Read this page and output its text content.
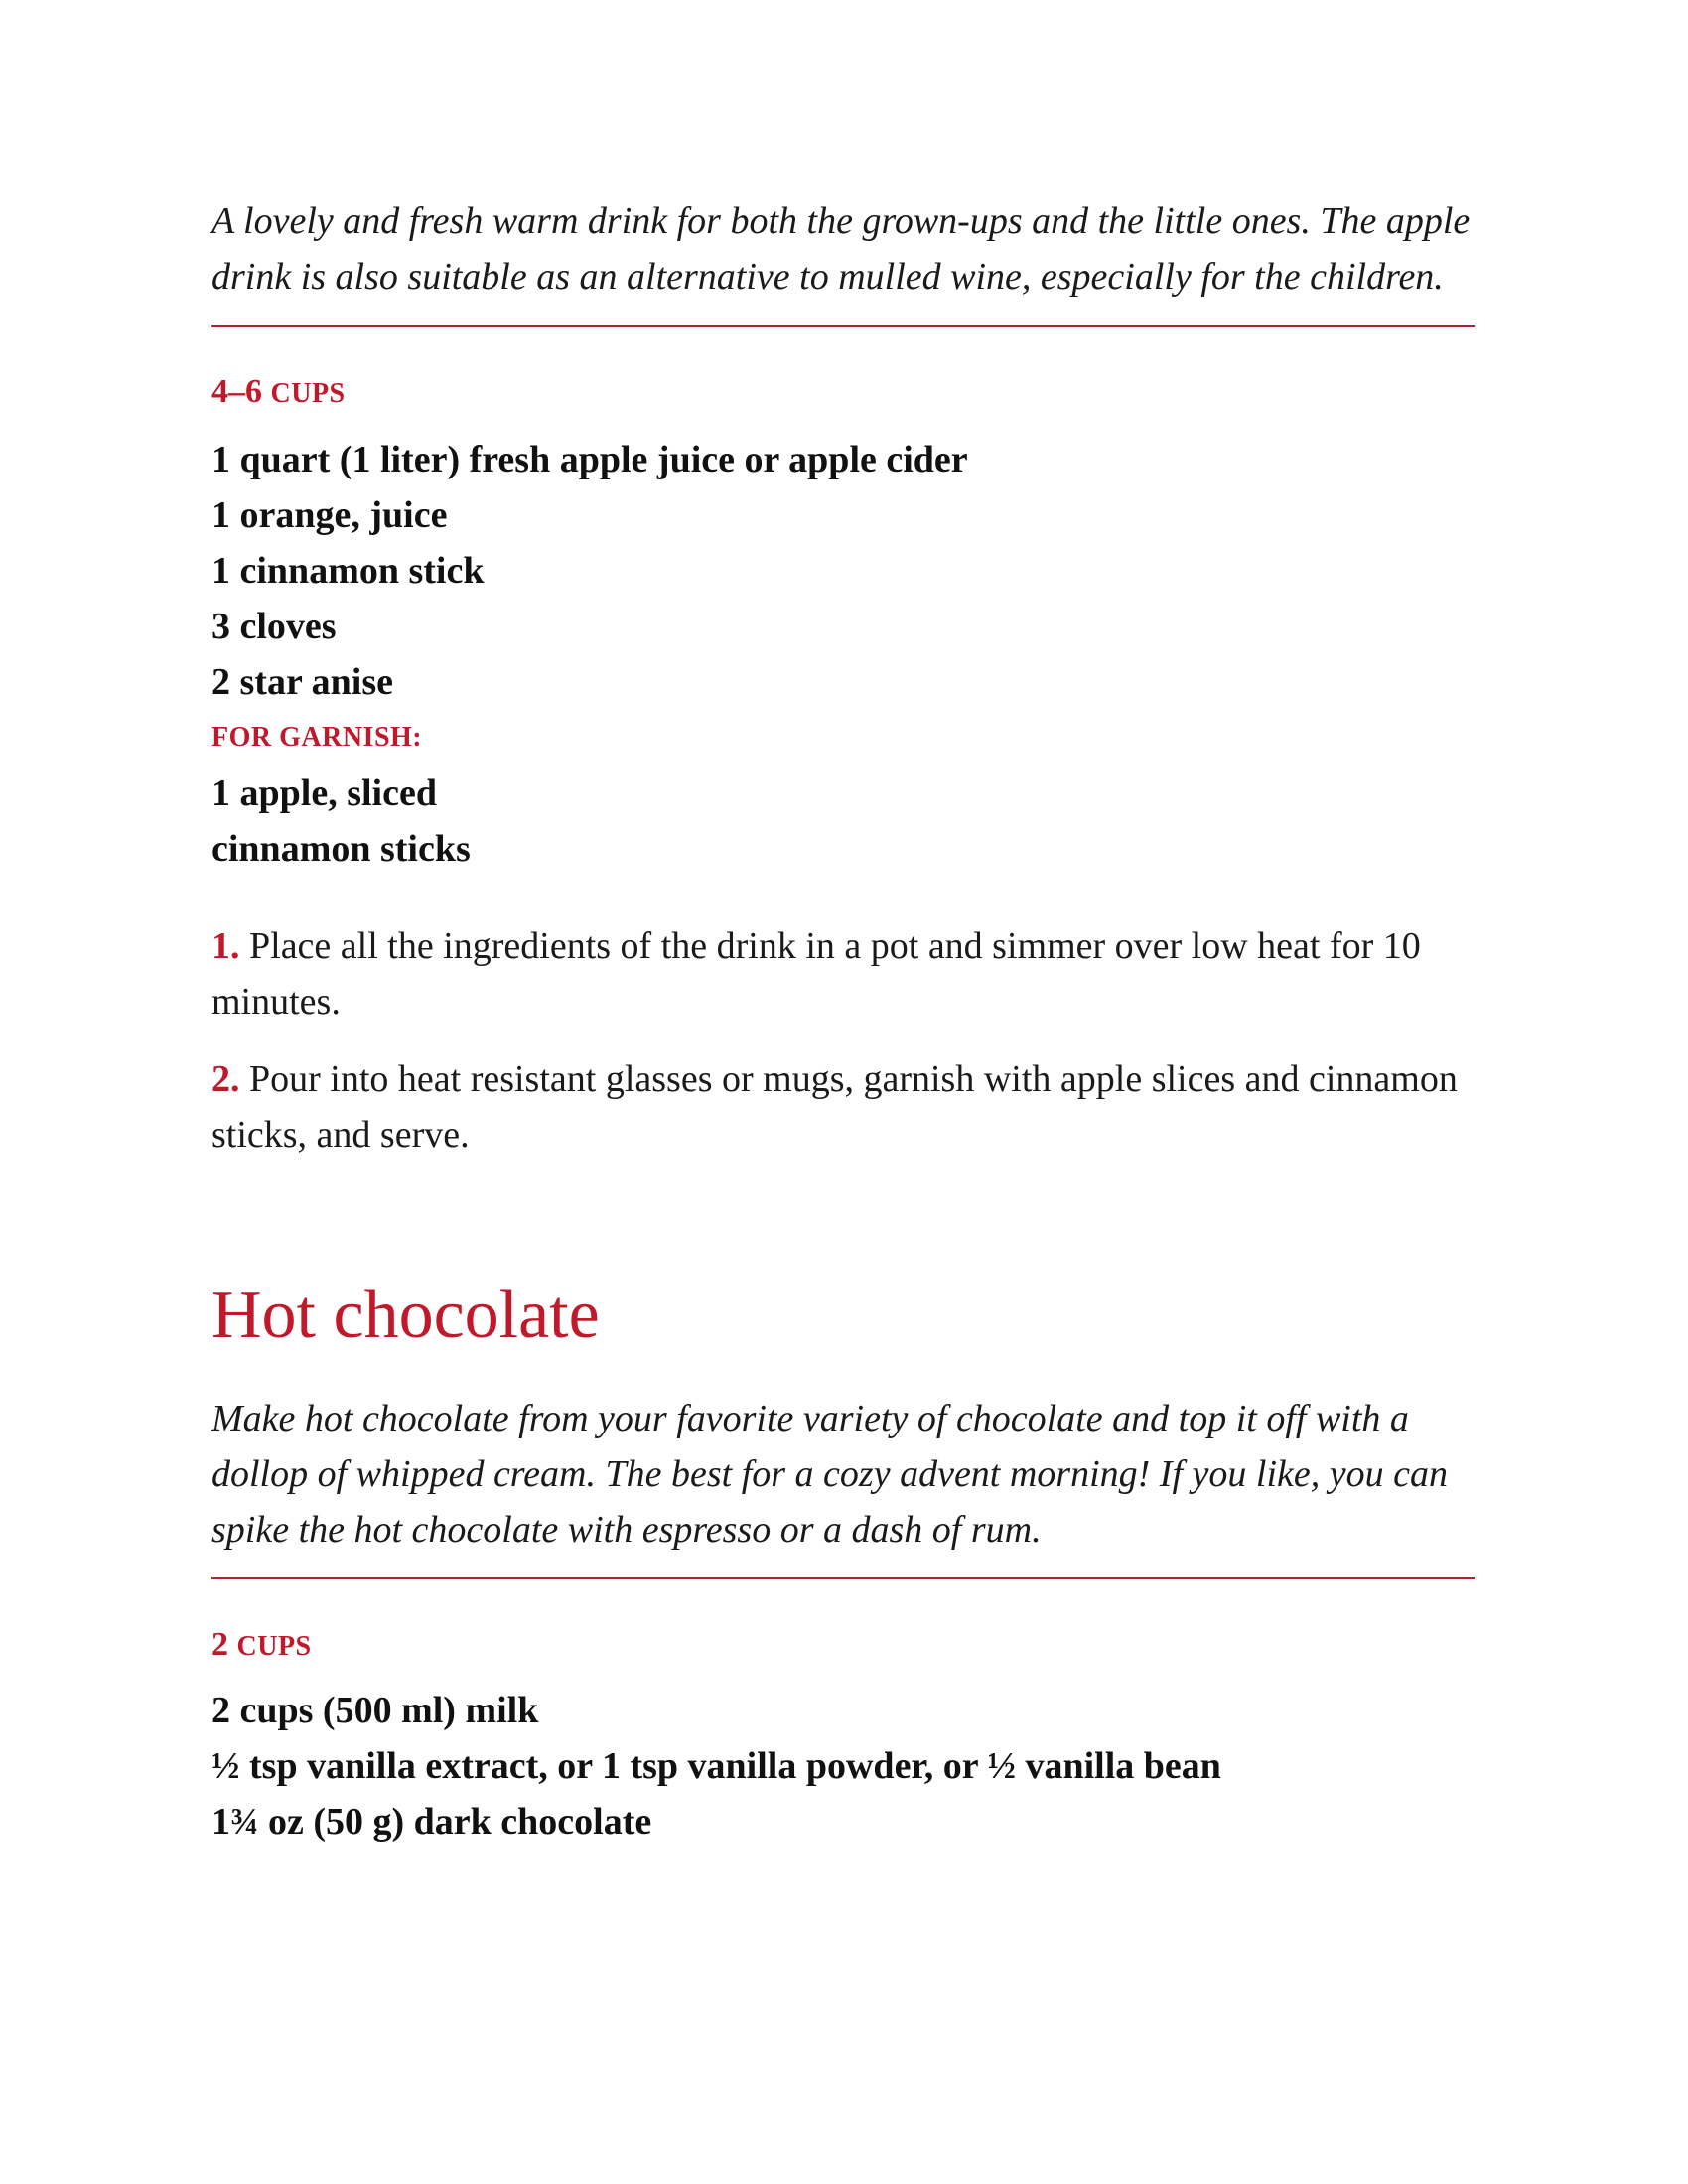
A lovely and fresh warm drink for both the grown-ups and the little ones. The apple drink is also suitable as an alternative to mulled wine, especially for the children.

4–6 CUPS

1 quart (1 liter) fresh apple juice or apple cider
1 orange, juice
1 cinnamon stick
3 cloves
2 star anise

FOR GARNISH:

1 apple, sliced
cinnamon sticks
1. Place all the ingredients of the drink in a pot and simmer over low heat for 10 minutes.
2. Pour into heat resistant glasses or mugs, garnish with apple slices and cinnamon sticks, and serve.
Hot chocolate

Make hot chocolate from your favorite variety of chocolate and top it off with a dollop of whipped cream. The best for a cozy advent morning! If you like, you can spike the hot chocolate with espresso or a dash of rum.

2 CUPS

2 cups (500 ml) milk
½ tsp vanilla extract, or 1 tsp vanilla powder, or ½ vanilla bean
1¾ oz (50 g) dark chocolate
